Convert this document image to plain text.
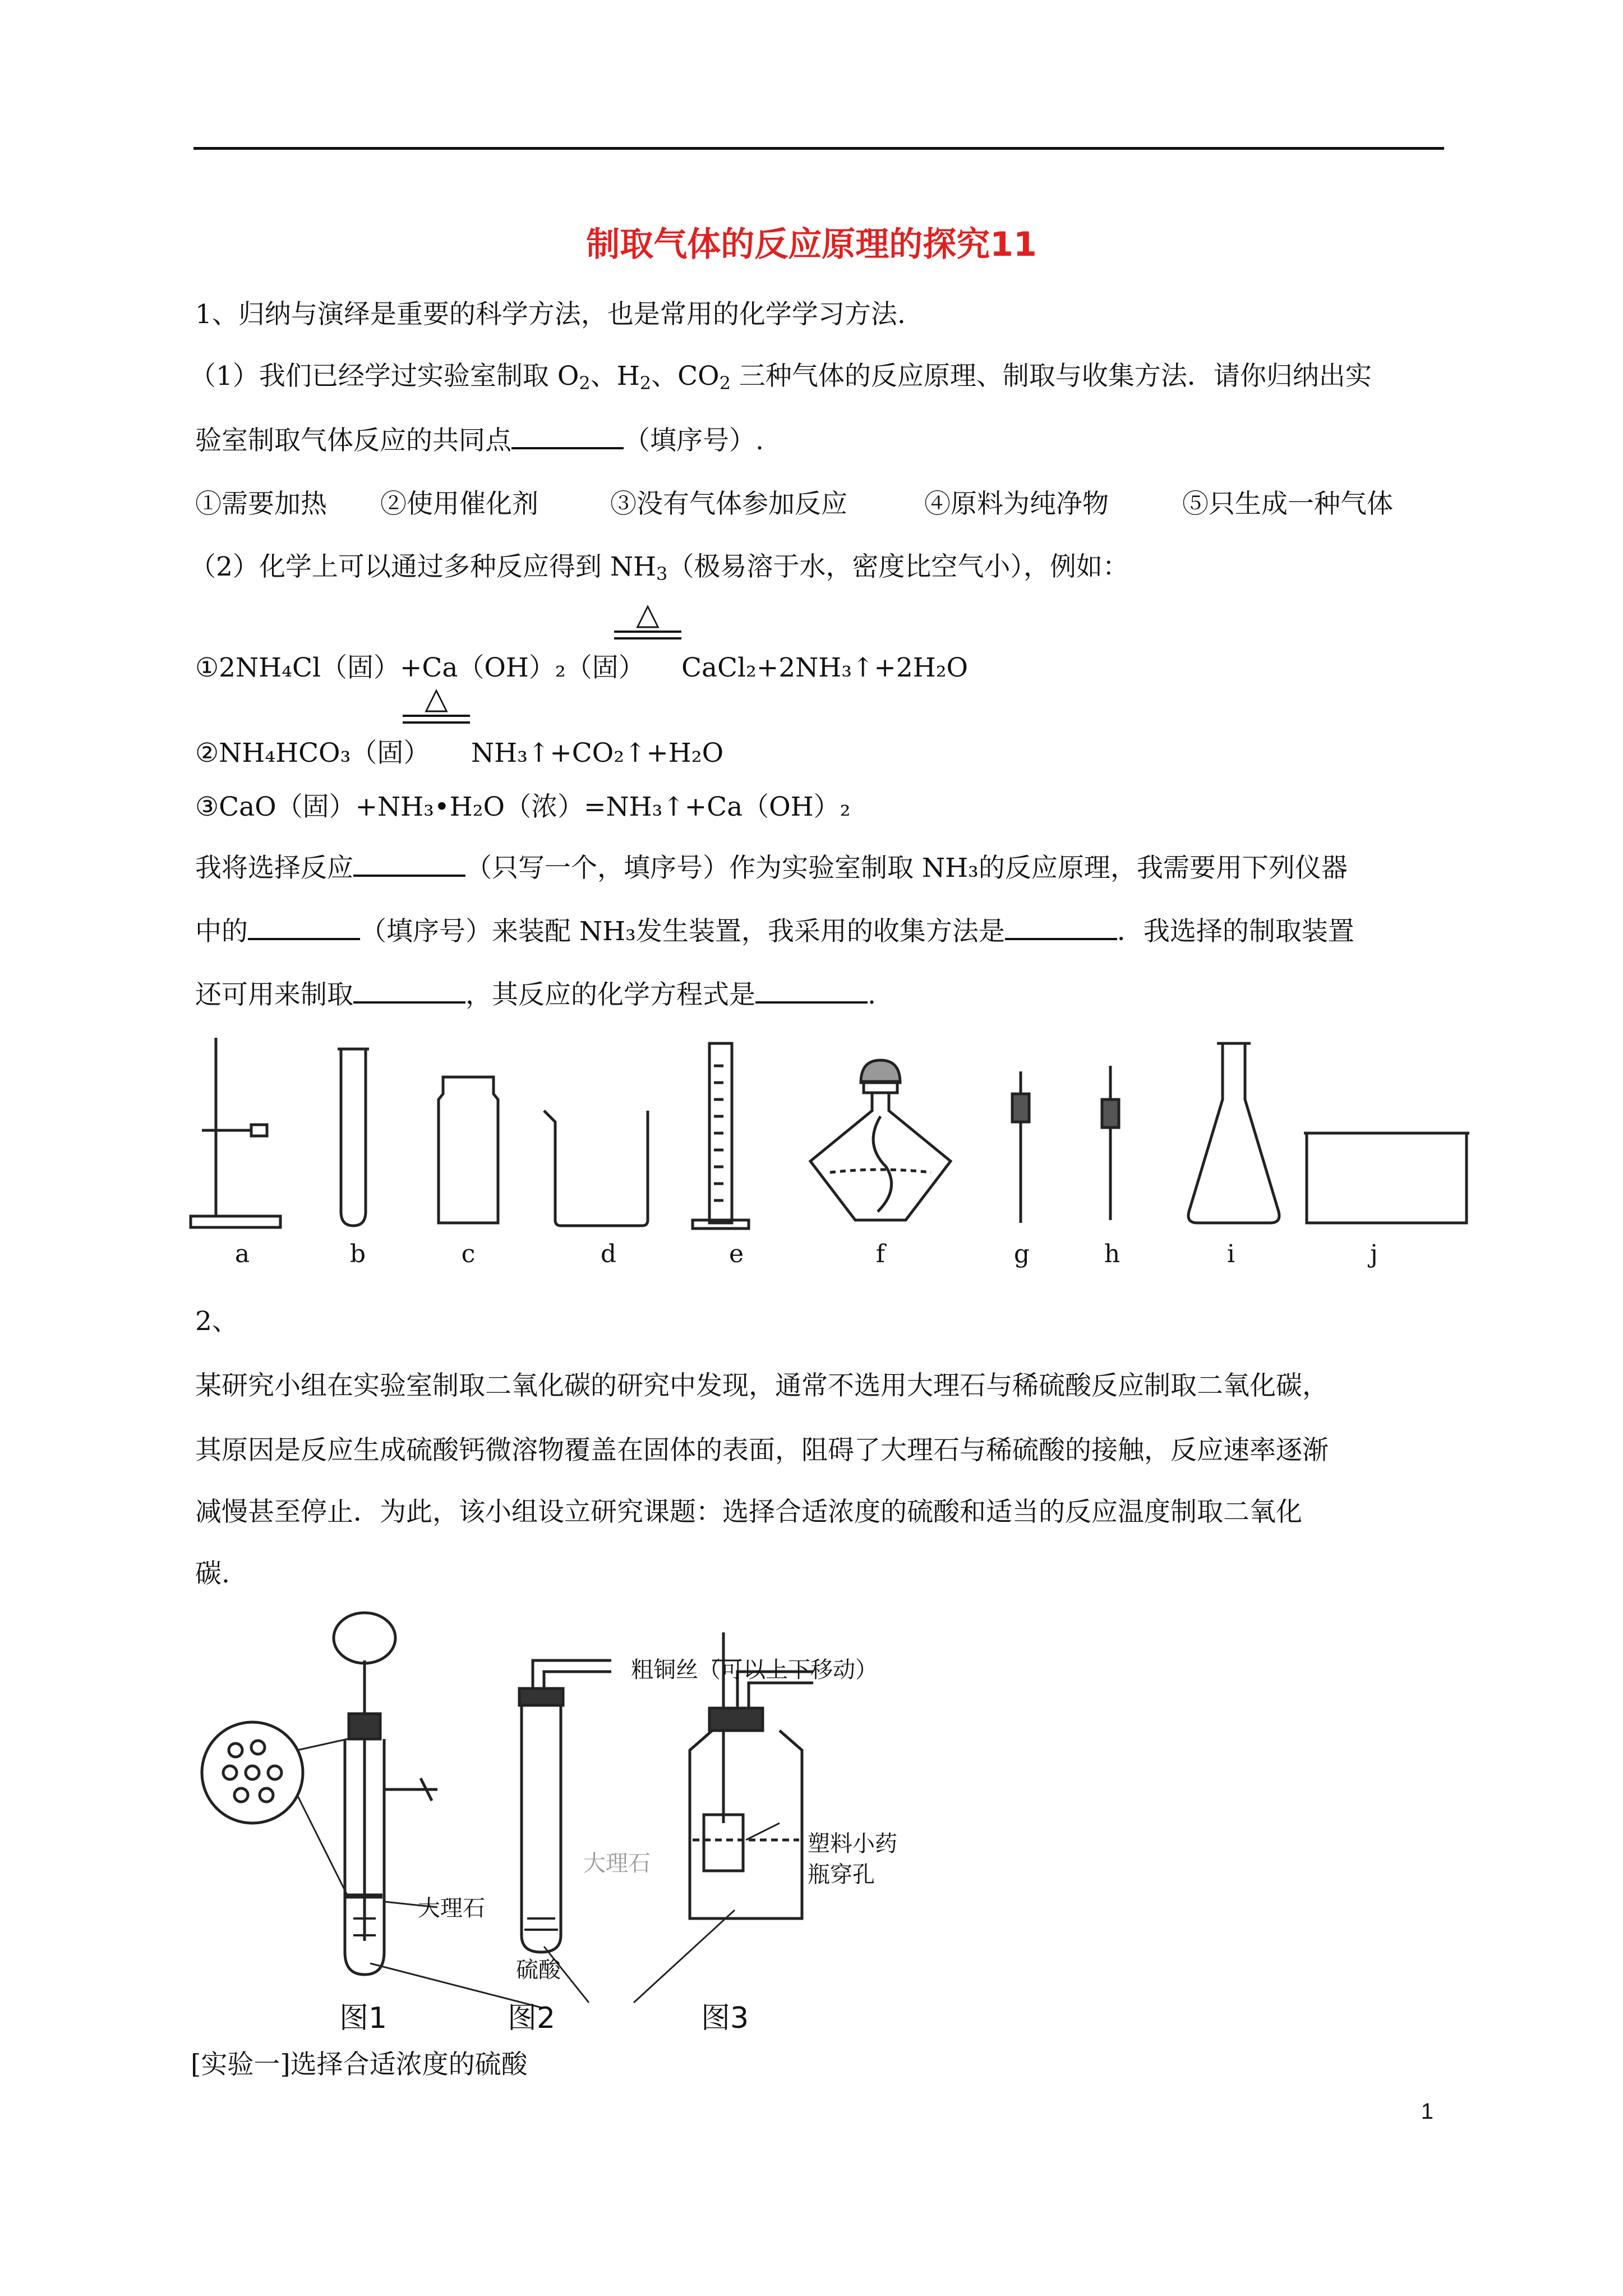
制取气体的反应原理的探究11
1、归纳与演绎是重要的科学方法，也是常用的化学学习方法.
（1）我们已经学过实验室制取 $O_2$、$H_2$、$CO_2$ 三种气体的反应原理、制取与收集方法．请你归纳出实
验室制取气体反应的共同点	（填序号）.
①需要加热 ②使用催化剂	③没有气体参加反应	④原料为纯净物	⑤只生成一种气体
（2）化学上可以通过多种反应得到 $NH_3$（极易溶于水，密度比空气小），例如：
△
①2NH₄Cl（固）+Ca（OH）₂（固） CaCl₂+2NH₃↑+2H₂O
△
②NH₄HCO₃（固） NH₃↑+CO₂↑+H₂O
③CaO（固）+NH₃•H₂O（浓）=NH₃↑+Ca（OH）₂
我将选择反应	（只写一个，填序号）作为实验室制取 NH₃的反应原理，我需要用下列仪器
中的	（填序号）来装配 NH₃发生装置，我采用的收集方法是	．我选择的制取装置
还可用来制取	，其反应的化学方程式是	.
a	b	c	d	e	f	g	h	i	j
2、
某研究小组在实验室制取二氧化碳的研究中发现，通常不选用大理石与稀硫酸反应制取二氧化碳，
其原因是反应生成硫酸钙微溶物覆盖在固体的表面，阻碍了大理石与稀硫酸的接触，反应速率逐渐
减慢甚至停止．为此，该小组设立研究课题：选择合适浓度的硫酸和适当的反应温度制取二氧化
碳.
粗铜丝（可以上下移动）
大理石
大理石
塑料小药
瓶穿孔
硫酸
图1	图2	图3
[实验一]选择合适浓度的硫酸
1
